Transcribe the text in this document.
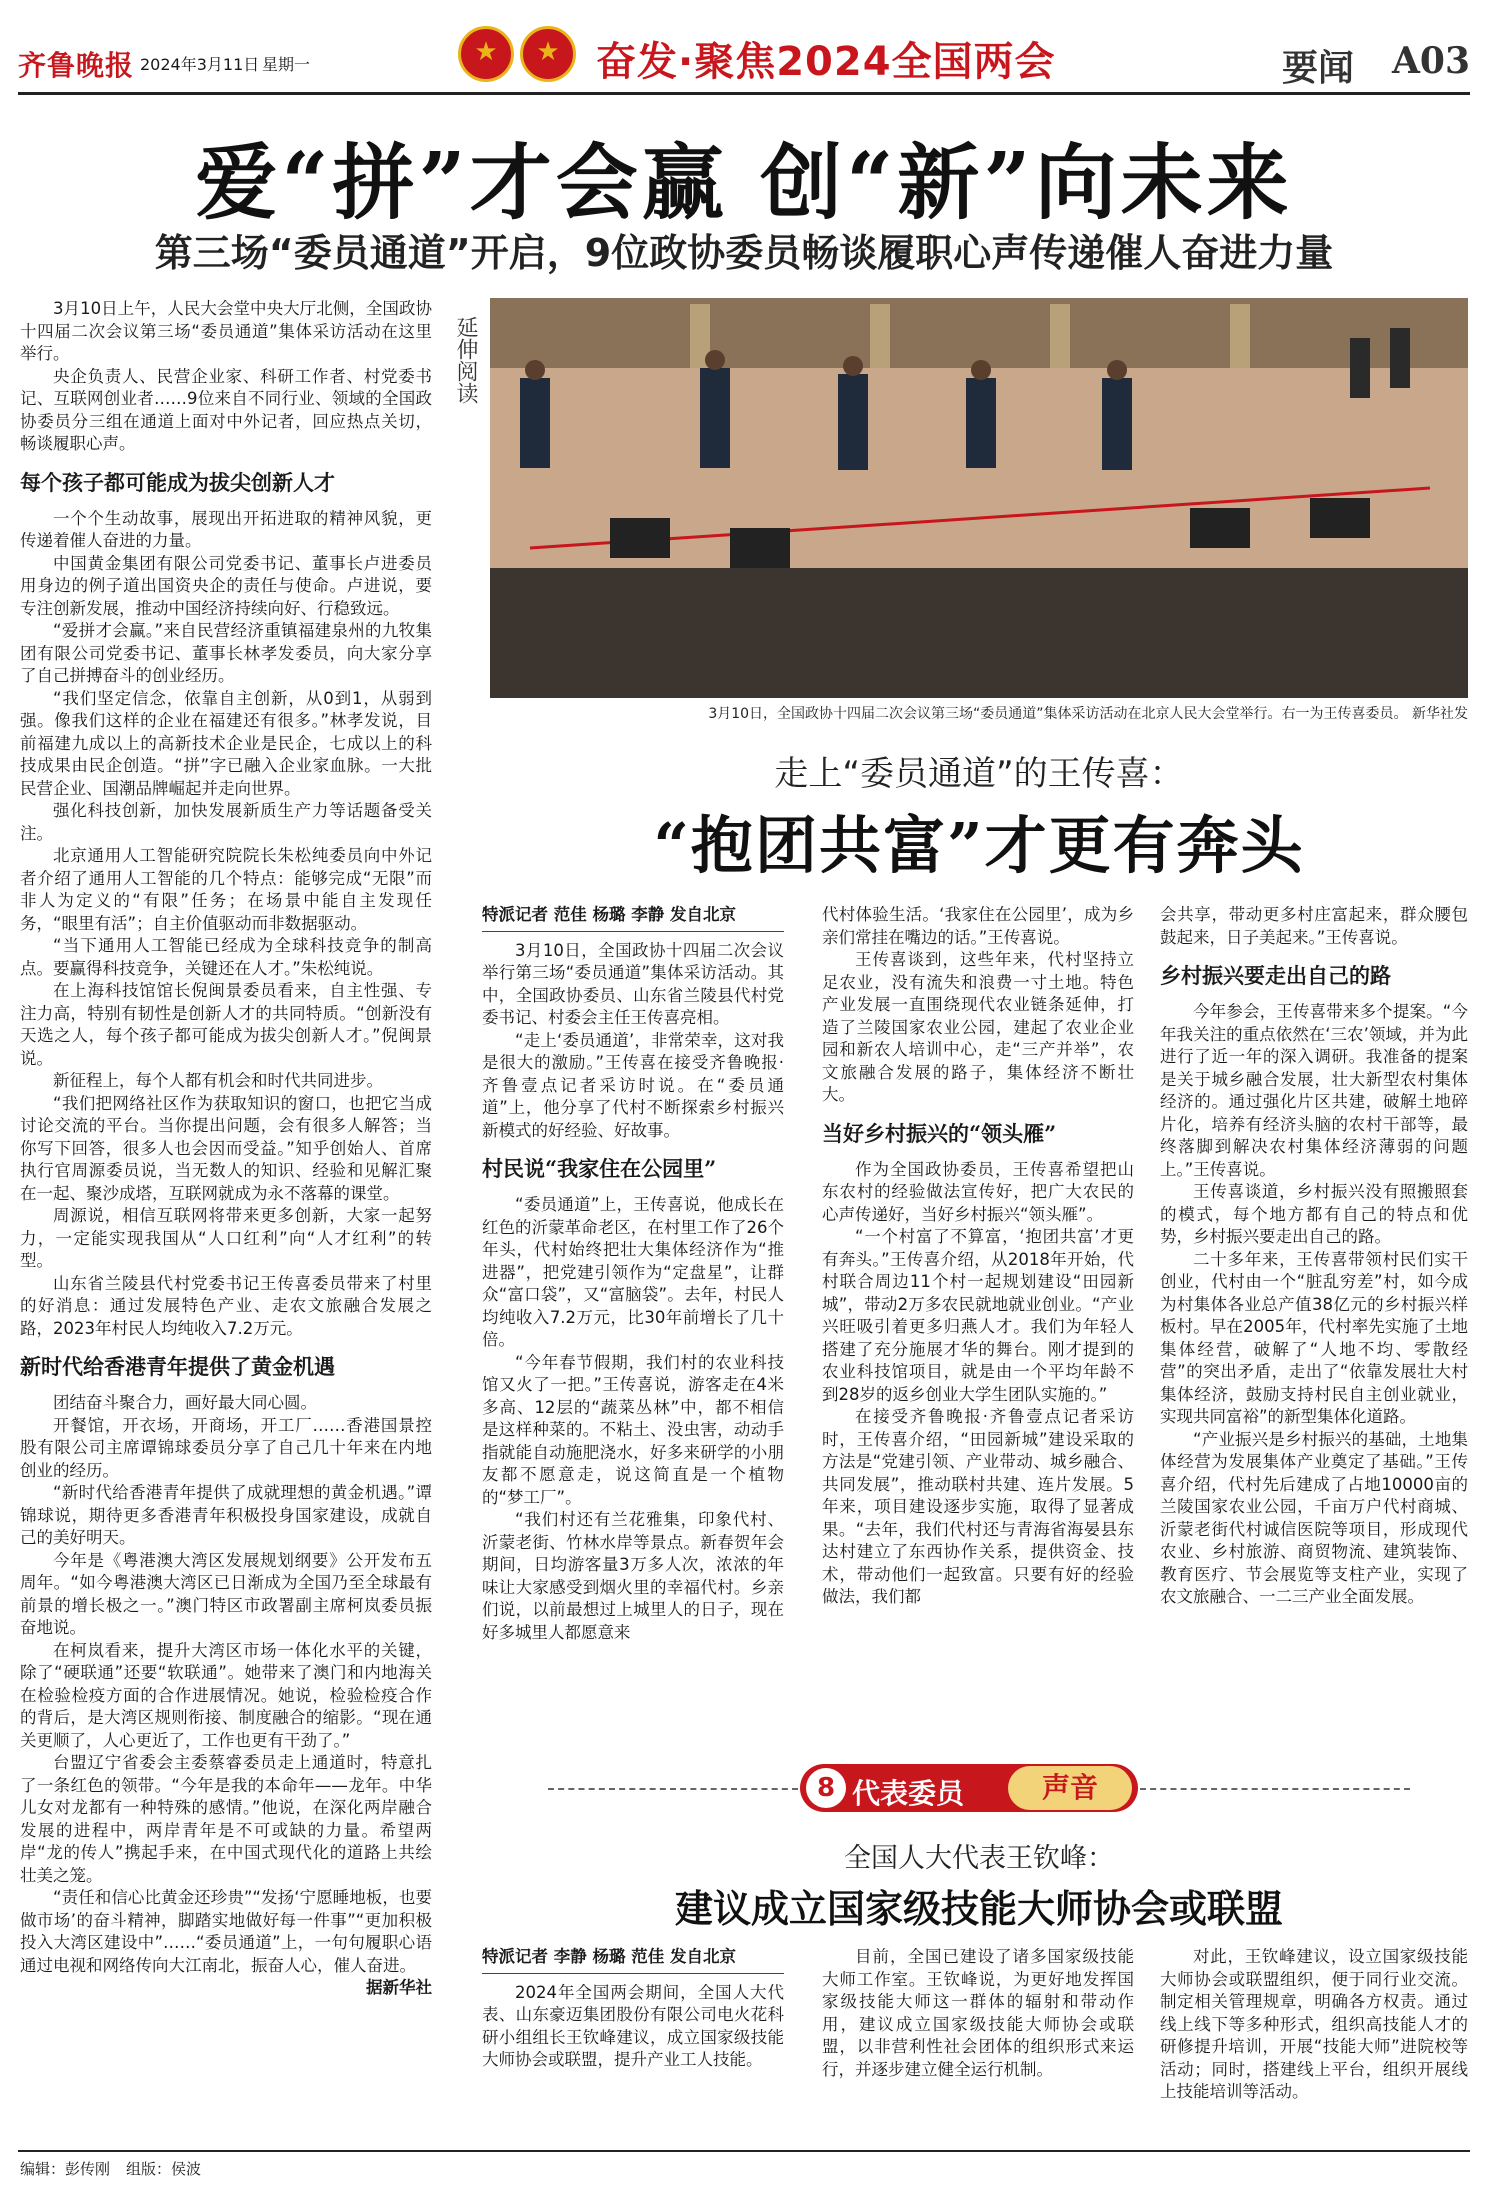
齐鲁晚报 2024年3月11日 星期一	★	★ 奋发·聚焦2024全国两会	要闻 A03
爱“拼”才会赢 创“新”向未来
第三场“委员通道”开启，9位政协委员畅谈履职心声传递催人奋进力量

3月10日上午，人民大会堂中央大厅北侧，全国政协十四届二次会议第三场“委员通道”集体采访活动在这里举行。

央企负责人、民营企业家、科研工作者、村党委书记、互联网创业者……9位来自不同行业、领域的全国政协委员分三组在通道上面对中外记者，回应热点关切，畅谈履职心声。

每个孩子都可能成为拔尖创新人才

一个个生动故事，展现出开拓进取的精神风貌，更传递着催人奋进的力量。

中国黄金集团有限公司党委书记、董事长卢进委员用身边的例子道出国资央企的责任与使命。卢进说，要专注创新发展，推动中国经济持续向好、行稳致远。

“爱拼才会赢。”来自民营经济重镇福建泉州的九牧集团有限公司党委书记、董事长林孝发委员，向大家分享了自己拼搏奋斗的创业经历。

“我们坚定信念，依靠自主创新，从0到1，从弱到强。像我们这样的企业在福建还有很多。”林孝发说，目前福建九成以上的高新技术企业是民企，七成以上的科技成果由民企创造。“拼”字已融入企业家血脉。一大批民营企业、国潮品牌崛起并走向世界。

强化科技创新，加快发展新质生产力等话题备受关注。

北京通用人工智能研究院院长朱松纯委员向中外记者介绍了通用人工智能的几个特点：能够完成“无限”而非人为定义的“有限”任务；在场景中能自主发现任务，“眼里有活”；自主价值驱动而非数据驱动。

“当下通用人工智能已经成为全球科技竞争的制高点。要赢得科技竞争，关键还在人才。”朱松纯说。

在上海科技馆馆长倪闽景委员看来，自主性强、专注力高，特别有韧性是创新人才的共同特质。“创新没有天选之人，每个孩子都可能成为拔尖创新人才。”倪闽景说。

新征程上，每个人都有机会和时代共同进步。

“我们把网络社区作为获取知识的窗口，也把它当成讨论交流的平台。当你提出问题，会有很多人解答；当你写下回答，很多人也会因而受益。”知乎创始人、首席执行官周源委员说，当无数人的知识、经验和见解汇聚在一起、聚沙成塔，互联网就成为永不落幕的课堂。

周源说，相信互联网将带来更多创新，大家一起努力，一定能实现我国从“人口红利”向“人才红利”的转型。

山东省兰陵县代村党委书记王传喜委员带来了村里的好消息：通过发展特色产业、走农文旅融合发展之路，2023年村民人均纯收入7.2万元。

新时代给香港青年提供了黄金机遇

团结奋斗聚合力，画好最大同心圆。

开餐馆，开衣场，开商场，开工厂……香港国景控股有限公司主席谭锦球委员分享了自己几十年来在内地创业的经历。

“新时代给香港青年提供了成就理想的黄金机遇。”谭锦球说，期待更多香港青年积极投身国家建设，成就自己的美好明天。

今年是《粤港澳大湾区发展规划纲要》公开发布五周年。“如今粤港澳大湾区已日渐成为全国乃至全球最有前景的增长极之一。”澳门特区市政署副主席柯岚委员振奋地说。

在柯岚看来，提升大湾区市场一体化水平的关键，除了“硬联通”还要“软联通”。她带来了澳门和内地海关在检验检疫方面的合作进展情况。她说，检验检疫合作的背后，是大湾区规则衔接、制度融合的缩影。“现在通关更顺了，人心更近了，工作也更有干劲了。”

台盟辽宁省委会主委蔡睿委员走上通道时，特意扎了一条红色的领带。“今年是我的本命年——龙年。中华儿女对龙都有一种特殊的感情。”他说，在深化两岸融合发展的进程中，两岸青年是不可或缺的力量。希望两岸“龙的传人”携起手来，在中国式现代化的道路上共绘壮美之笼。

“责任和信心比黄金还珍贵”“发扬‘宁愿睡地板，也要做市场’的奋斗精神，脚踏实地做好每一件事”“更加积极投入大湾区建设中”……“委员通道”上，一句句履职心语通过电视和网络传向大江南北，振奋人心，催人奋进。

据新华社

延伸阅读
3月10日，全国政协十四届二次会议第三场“委员通道”集体采访活动在北京人民大会堂举行。右一为王传喜委员。 新华社发
走上“委员通道”的王传喜：
“抱团共富”才更有奔头

特派记者 范佳 杨璐 李静 发自北京

3月10日，全国政协十四届二次会议举行第三场“委员通道”集体采访活动。其中，全国政协委员、山东省兰陵县代村党委书记、村委会主任王传喜亮相。

“走上‘委员通道’，非常荣幸，这对我是很大的激励。”王传喜在接受齐鲁晚报·齐鲁壹点记者采访时说。在“委员通道”上，他分享了代村不断探索乡村振兴新模式的好经验、好故事。

村民说“我家住在公园里”

“委员通道”上，王传喜说，他成长在红色的沂蒙革命老区，在村里工作了26个年头，代村始终把壮大集体经济作为“推进器”，把党建引领作为“定盘星”，让群众“富口袋”，又“富脑袋”。去年，村民人均纯收入7.2万元，比30年前增长了几十倍。

“今年春节假期，我们村的农业科技馆又火了一把。”王传喜说，游客走在4米多高、12层的“蔬菜丛林”中，都不相信是这样种菜的。不粘土、没虫害，动动手指就能自动施肥浇水，好多来研学的小朋友都不愿意走，说这简直是一个植物的“梦工厂”。

“我们村还有兰花雅集，印象代村、沂蒙老街、竹林水岸等景点。新春贺年会期间，日均游客量3万多人次，浓浓的年味让大家感受到烟火里的幸福代村。乡亲们说，以前最想过上城里人的日子，现在好多城里人都愿意来

代村体验生活。‘我家住在公园里’，成为乡亲们常挂在嘴边的话。”王传喜说。

王传喜谈到，这些年来，代村坚持立足农业，没有流失和浪费一寸土地。特色产业发展一直围绕现代农业链条延伸，打造了兰陵国家农业公园，建起了农业企业园和新农人培训中心，走“三产并举”，农文旅融合发展的路子，集体经济不断壮大。

当好乡村振兴的“领头雁”

作为全国政协委员，王传喜希望把山东农村的经验做法宣传好，把广大农民的心声传递好，当好乡村振兴“领头雁”。

“一个村富了不算富，‘抱团共富’才更有奔头。”王传喜介绍，从2018年开始，代村联合周边11个村一起规划建设“田园新城”，带动2万多农民就地就业创业。“产业兴旺吸引着更多归燕人才。我们为年轻人搭建了充分施展才华的舞台。刚才提到的农业科技馆项目，就是由一个平均年龄不到28岁的返乡创业大学生团队实施的。”

在接受齐鲁晚报·齐鲁壹点记者采访时，王传喜介绍，“田园新城”建设采取的方法是“党建引领、产业带动、城乡融合、共同发展”，推动联村共建、连片发展。5年来，项目建设逐步实施，取得了显著成果。“去年，我们代村还与青海省海晏县东达村建立了东西协作关系，提供资金、技术，带动他们一起致富。只要有好的经验做法，我们都

会共享，带动更多村庄富起来，群众腰包鼓起来，日子美起来。”王传喜说。

乡村振兴要走出自己的路

今年参会，王传喜带来多个提案。“今年我关注的重点依然在‘三农’领域，并为此进行了近一年的深入调研。我准备的提案是关于城乡融合发展，壮大新型农村集体经济的。通过强化片区共建，破解土地碎片化，培养有经济头脑的农村干部等，最终落脚到解决农村集体经济薄弱的问题上。”王传喜说。

王传喜谈道，乡村振兴没有照搬照套的模式，每个地方都有自己的特点和优势，乡村振兴要走出自己的路。

二十多年来，王传喜带领村民们实干创业，代村由一个“脏乱穷差”村，如今成为村集体各业总产值38亿元的乡村振兴样板村。早在2005年，代村率先实施了土地集体经营，破解了“人地不均、零散经营”的突出矛盾，走出了“依靠发展壮大村集体经济，鼓励支持村民自主创业就业，实现共同富裕”的新型集体化道路。

“产业振兴是乡村振兴的基础，土地集体经营为发展集体产业奠定了基础。”王传喜介绍，代村先后建成了占地10000亩的兰陵国家农业公园，千亩万户代村商城、沂蒙老街代村诚信医院等项目，形成现代农业、乡村旅游、商贸物流、建筑装饰、教育医疗、节会展览等支柱产业，实现了农文旅融合、一二三产业全面发展。

8 代表委员	声音
全国人大代表王钦峰：
建议成立国家级技能大师协会或联盟

特派记者 李静 杨璐 范佳 发自北京

2024年全国两会期间，全国人大代表、山东豪迈集团股份有限公司电火花科研小组组长王钦峰建议，成立国家级技能大师协会或联盟，提升产业工人技能。

目前，全国已建设了诸多国家级技能大师工作室。王钦峰说，为更好地发挥国家级技能大师这一群体的辐射和带动作用，建议成立国家级技能大师协会或联盟，以非营利性社会团体的组织形式来运行，并逐步建立健全运行机制。

对此，王钦峰建议，设立国家级技能大师协会或联盟组织，便于同行业交流。制定相关管理规章，明确各方权责。通过线上线下等多种形式，组织高技能人才的研修提升培训，开展“技能大师”进院校等活动；同时，搭建线上平台，组织开展线上技能培训等活动。

编辑：彭传刚 组版：侯波
